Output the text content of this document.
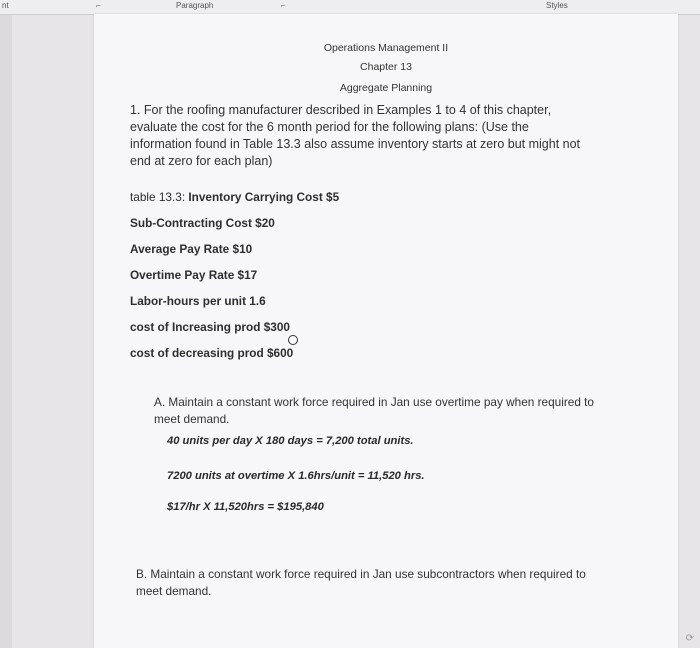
nt	⌐	Paragraph	⌐	Styles
Operations Management II
Chapter 13
Aggregate Planning
1. For the roofing manufacturer described in Examples 1 to 4 of this chapter, evaluate the cost for the 6 month period for the following plans: (Use the information found in Table 13.3 also assume inventory starts at zero but might not end at zero for each plan)
table 13.3: Inventory Carrying Cost $5
Sub-Contracting Cost $20
Average Pay Rate $10
Overtime Pay Rate $17
Labor-hours per unit 1.6
cost of Increasing prod $300
cost of decreasing prod $600
A. Maintain a constant work force required in Jan use overtime pay when required to meet demand.
40 units per day X 180 days = 7,200 total units.
7200 units at overtime X 1.6hrs/unit = 11,520 hrs.
$17/hr X 11,520hrs = $195,840
B. Maintain a constant work force required in Jan use subcontractors when required to meet demand.
⟳
